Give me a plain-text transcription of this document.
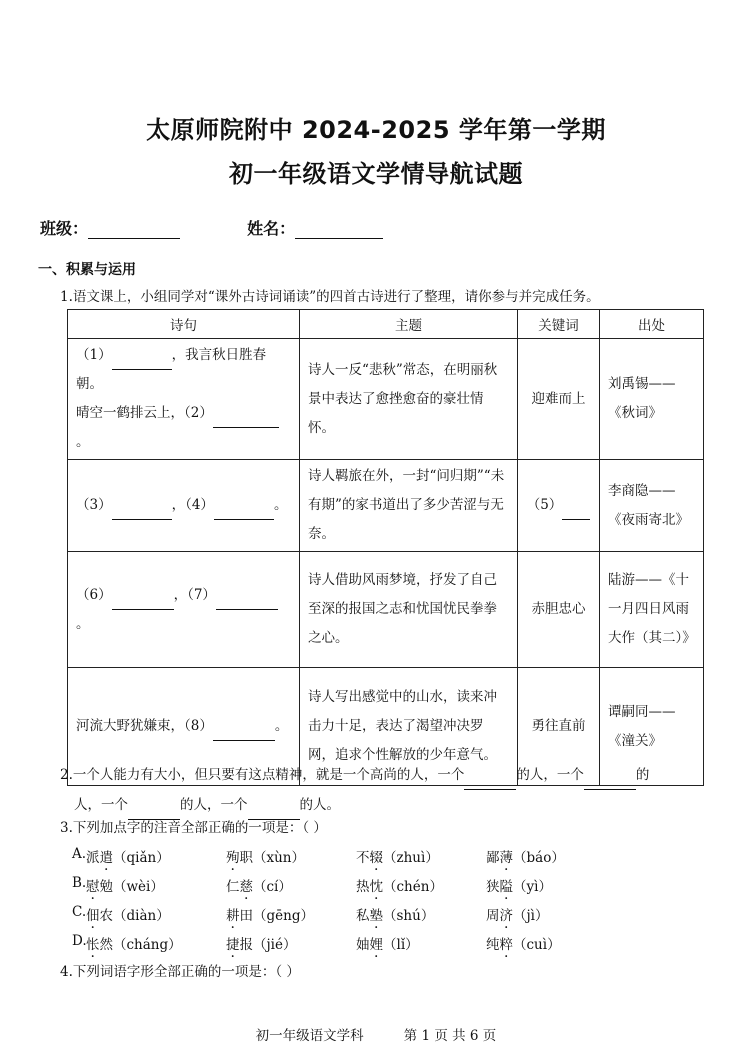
太原师院附中 2024-2025 学年第一学期
初一年级语文学情导航试题
班级：	姓名：
一、积累与运用
1.语文课上，小组同学对“课外古诗词诵读”的四首古诗进行了整理，请你参与并完成任务。
诗句	主题	关键词	出处
（1） ，我言秋日胜春朝。
晴空一鹤排云上，（2）。	诗人一反“悲秋”常态，在明丽秋景中表达了愈挫愈奋的豪壮情怀。	迎难而上	刘禹锡——《秋词》
（3） ，（4） 。	诗人羁旅在外，一封“问归期”“未有期”的家书道出了多少苦涩与无奈。	（5）	李商隐——《夜雨寄北》
（6） ，（7）。	诗人借助风雨梦境，抒发了自己至深的报国之志和忧国忧民拳拳之心。	赤胆忠心	陆游——《十一月四日风雨大作（其二）》
河流大野犹嫌束，（8） 。	诗人写出感觉中的山水，读来冲击力十足，表达了渴望冲决罗网，追求个性解放的少年意气。	勇往直前	谭嗣同——《潼关》
2.一个人能力有大小，但只要有这点精神，就是一个高尚的人，一个	的人，一个	的
人，一个	的人，一个	的人。
3.下列加点字的注音全部正确的一项是：（ ）
A. 派遣（qiǎn）	殉职（xùn）	不辍（zhuì）	鄙薄（báo）
B. 慰勉（wèi）	仁慈（cí）	热忱（chén）	狭隘（yì）
C. 佃农（diàn）	耕田（gēng）	私塾（shú）	周济（jì）
D. 怅然（cháng）	捷报（jié）	妯娌（lǐ）	纯粹（cuì）
4.下列词语字形全部正确的一项是：（ ）
初一年级语文学科	第 1 页 共 6 页
